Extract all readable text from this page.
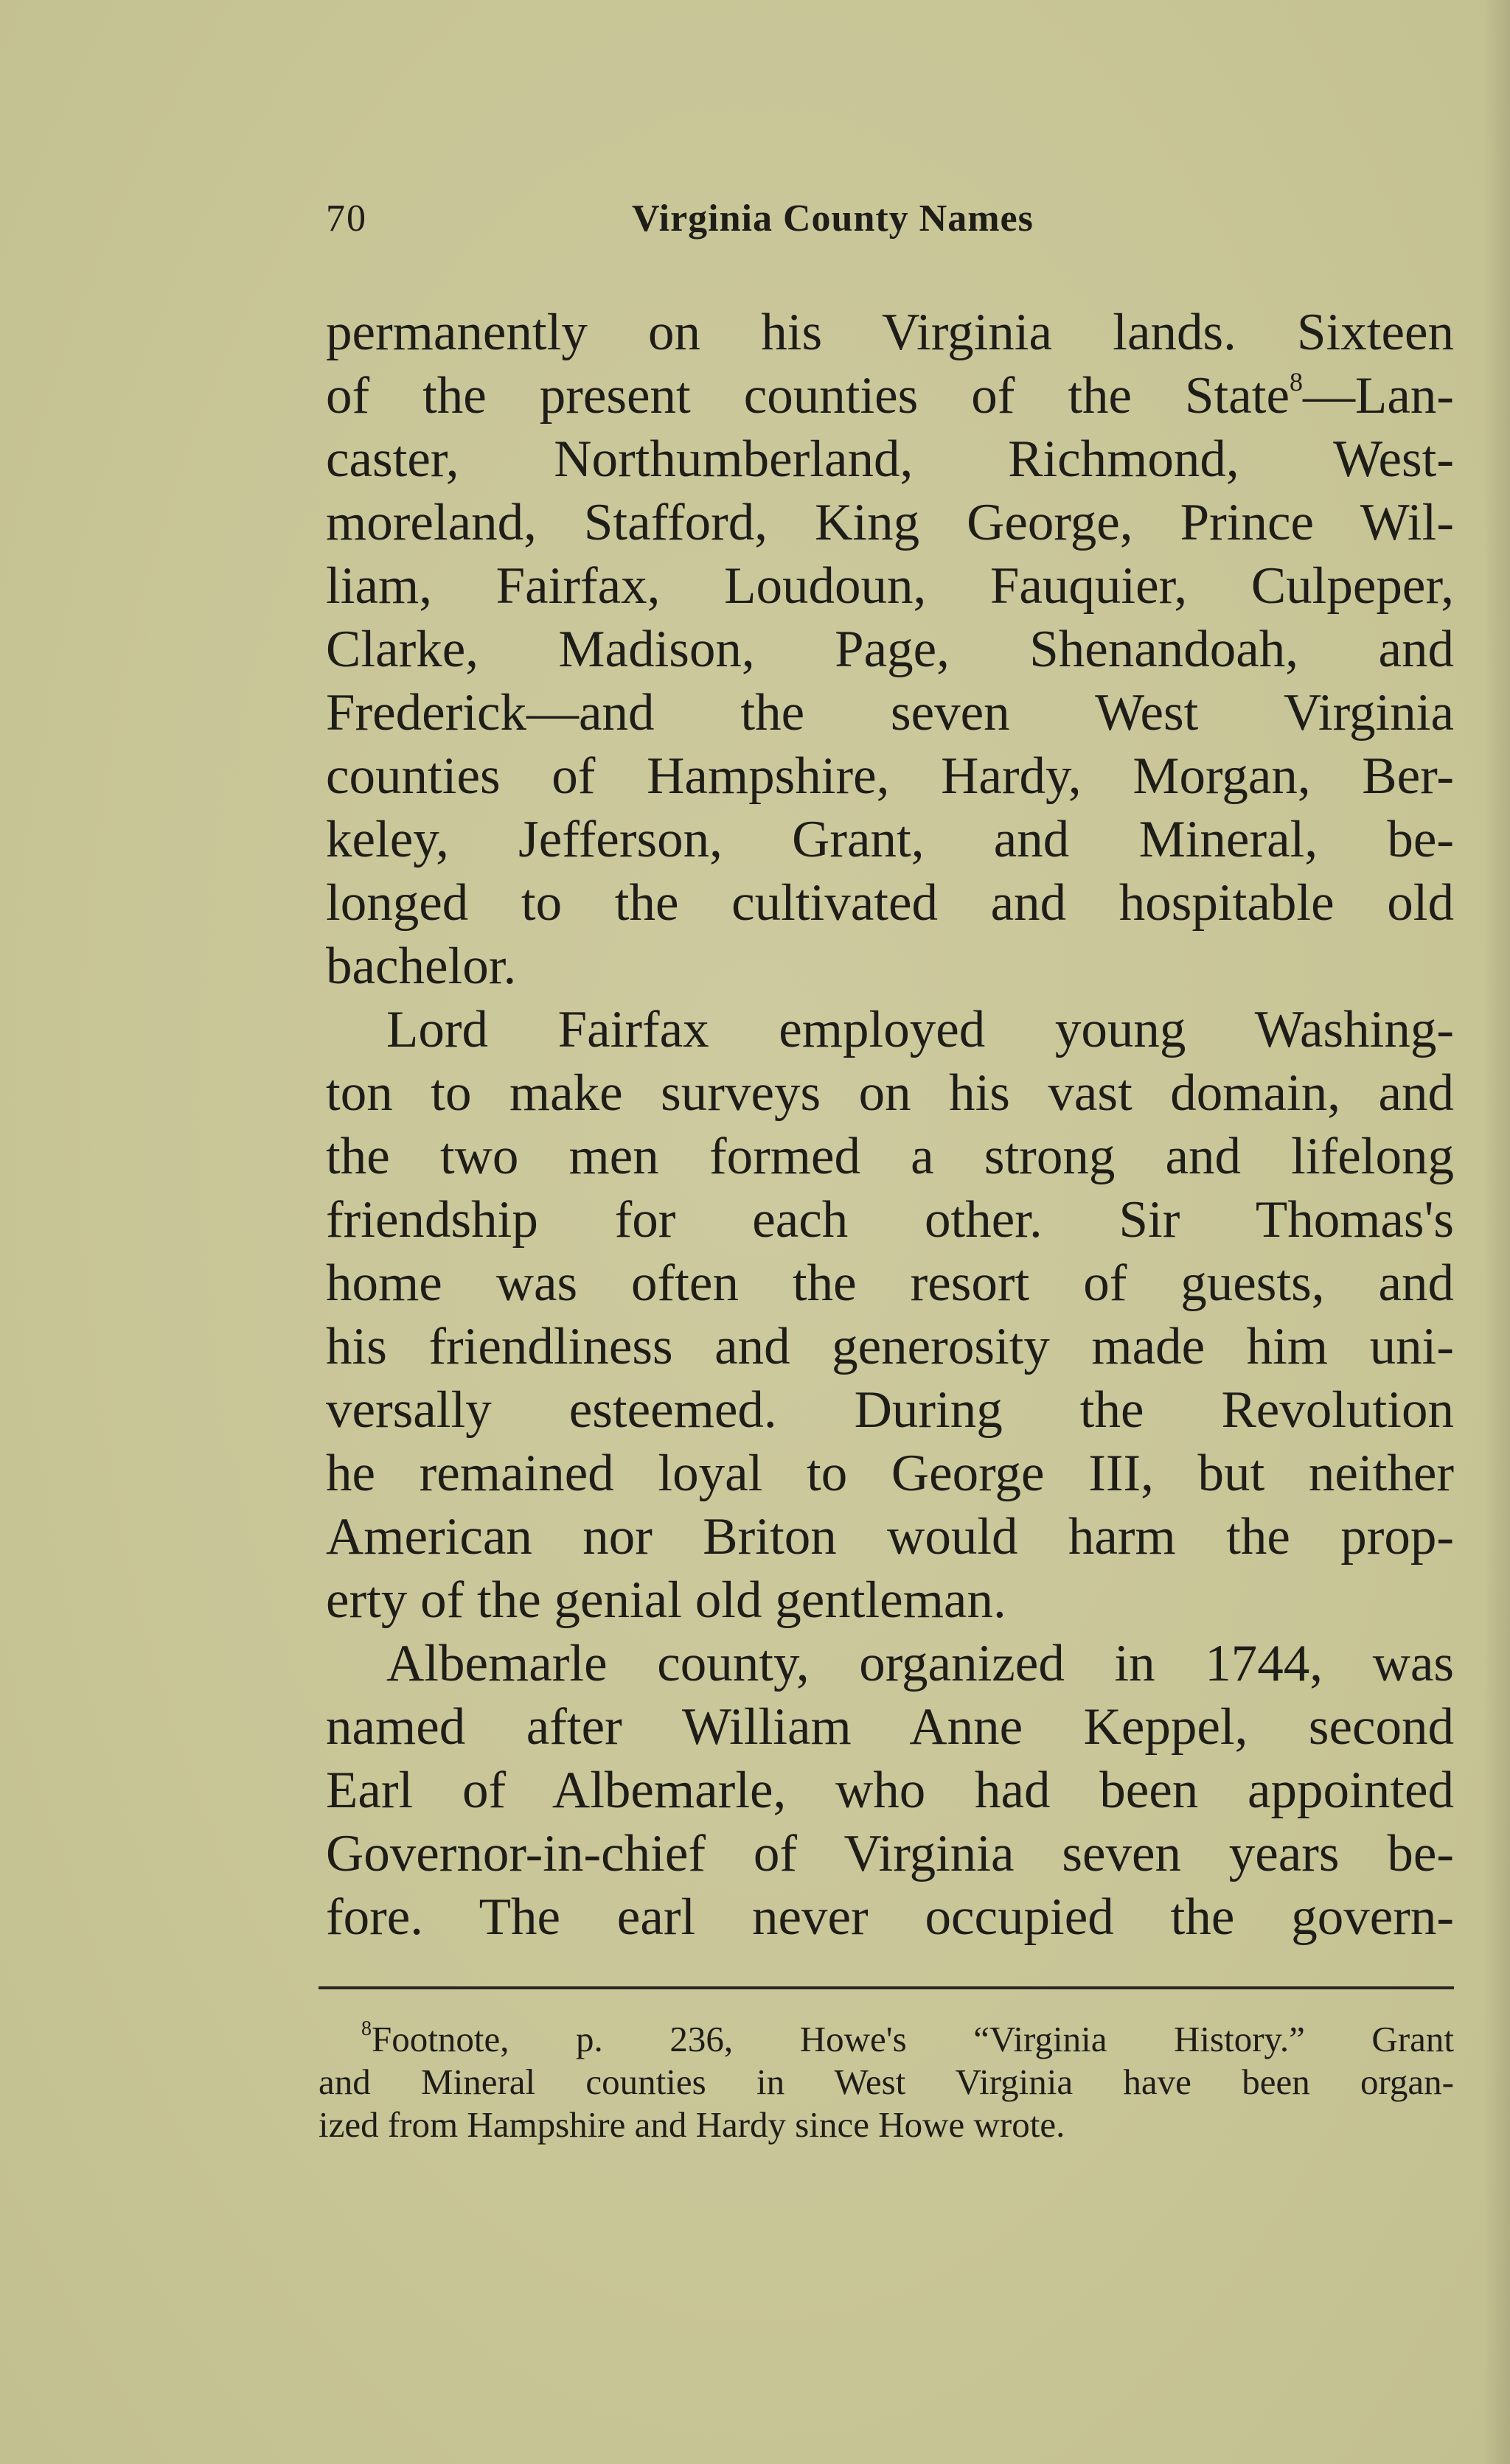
70	Virginia County Names
permanently on his Virginia lands. Sixteen
of the present counties of the State$^8$—Lan-
caster, Northumberland, Richmond, West-
moreland, Stafford, King George, Prince Wil-
liam, Fairfax, Loudoun, Fauquier, Culpeper,
Clarke, Madison, Page, Shenandoah, and
Frederick—and the seven West Virginia
counties of Hampshire, Hardy, Morgan, Ber-
keley, Jefferson, Grant, and Mineral, be-
longed to the cultivated and hospitable old
bachelor.
Lord Fairfax employed young Washing-
ton to make surveys on his vast domain, and
the two men formed a strong and lifelong
friendship for each other. Sir Thomas's
home was often the resort of guests, and
his friendliness and generosity made him uni-
versally esteemed. During the Revolution
he remained loyal to George III, but neither
American nor Briton would harm the prop-
erty of the genial old gentleman.
Albemarle county, organized in 1744, was
named after William Anne Keppel, second
Earl of Albemarle, who had been appointed
Governor-in-chief of Virginia seven years be-
fore. The earl never occupied the govern-
$^8$Footnote, p. 236, Howe's “Virginia History.” Grant
and Mineral counties in West Virginia have been organ-
ized from Hampshire and Hardy since Howe wrote.
